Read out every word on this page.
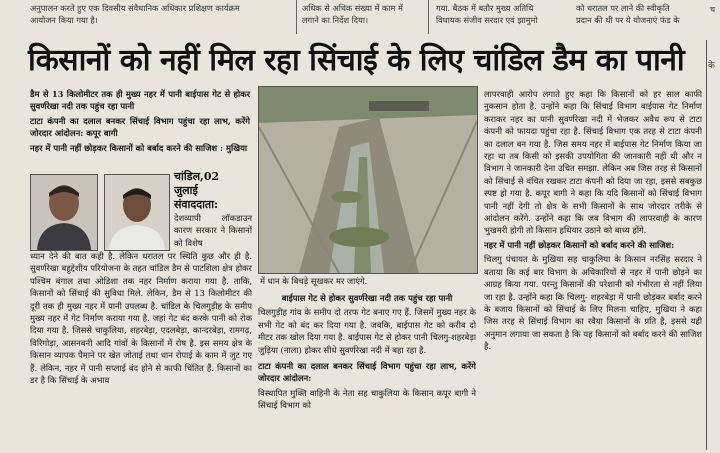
अनुपालन करते हुए एक दिवसीय संवैधानिक अधिकार प्रशिक्षण कार्यक्रम
आयोजन किया गया है।
अधिक से अधिक संख्या में काम में
लगाने का निर्देश दिया।
गया. बैठक में बतौर मुख्य अतिथि
विधायक संजीव सरदार एवं झामुमो
को धरातल पर लाने की स्वीकृति
प्रदान की थी पर ये योजनाएं फंड के
च
किसानों को नहीं मिल रहा सिंचाई के लिए चांडिल डैम का पानी	के

डैम से 13 किलोमीटर तक ही मुख्य नहर में पानी बाईपास गेट से होकर सुवर्णरेखा नदी तक पहुंच रहा पानी

टाटा कंपनी का दलाल बनकर सिंचाई विभाग पहुंचा रहा लाभ, करेंगे जोरदार आंदोलन: कपूर बागी

नहर में पानी नहीं छोड़कर किसानों को बर्बाद करने की साजिश : मुखिया

चांडिल,02
जुलाई
संवाददाता:
देशव्यापी लॉकडाउन कारण सरकार ने किसानों को विशेष
ध्यान देने की बात कही है. लेकिन धरातल पर स्थिति कुछ और ही है. सुवर्णरेखा बहुद्देशीय परियोजना के तहत चांडिल डैम से पाटशिला क्षेत्र होकर पश्चिम बंगाल तथा ओडिशा तक नहर निर्माण कराया गया है. ताकि, किसानों को सिंचाई की सुविधा मिले. लेकिन, डैम से 13 किलोमीटर की दूरी तक ही मुख्य नहर में पानी उपलब्ध है. चांडिल के चिलगुड़ीह के समीप मुख्य नहर में गेट निर्माण कराया गया है. जहां गेट बंद करके पानी को रोक दिया गया है. जिससे चाकुलिया, शहरबेड़ा, एदलबेड़ा, कान्दरबेड़ा, रामगढ़, विरिगोड़ा, आसनबनी आदि गांवों के किसानों में रोष है. इस समय क्षेत्र के किसान व्यापक पैमाने पर खेत जोताई तथा धान रोपाई के काम में जुट गए हैं. लेकिन, नहर में पानी सप्लाई बंद होने से काफी चिंतित हैं. किसानों का डर है कि सिंचाई के अभाव
में धान के बिचड़े सूखकर मर जाएंगे.

बाईपास गेट से होकर सुवर्णरेखा नदी तक पहुंच रहा पानी

चिलगुड़ीह गांव के समीप दो तरफ गेट बनाए गए हैं. जिसमें मुख्य नहर के सभी गेट को बंद कर दिया गया है. जबकि, बाईपास गेट को करीब दो मीटर तक खोल दिया गया है. बाईपास गेट से होकर पानी चिलगु-शहरबेड़ा जुड़िया (नाला) होकर सीधे सुवर्णरेखा नदी में बहा रहा है.

टाटा कंपनी का दलाल बनकर सिंचाई विभाग पहुंचा रहा लाभ, करेंगे जोरदार आंदोलन:

विस्थापित मुक्ति वाहिनी के नेता सह चाकुलिया के किसान कपूर बागी ने सिंचाई विभाग को

लापरवाही आरोप लगाते हुए कहा कि किसानों को हर साल काफी नुकसान होता है. उन्होंने कहा कि सिंचाई विभाग बाईपास गेट निर्माण कराकर नहर का पानी सुवर्णरेखा नदी में भेजकर अवैध रूप से टाटा कंपनी को फायदा पहुंचा रहा है. सिंचाई विभाग एक तरह से टाटा कंपनी का दलाल बन गया है. जिस समय नहर में बाईपास गेट निर्माण किया जा रहा था तब किसी को इसकी उपयोगिता की जानकारी नहीं थी और न विभाग ने जानकारी देना उचित समझा. लेकिन अब जिस तरह से किसानों को सिंचाई से वंचित रखकर टाटा कंपनी को दिया जा रहा, इससे सबकुछ स्पष्ट हो गया है. कपूर बागी ने कहा कि यदि किसानों को सिंचाई विभाग पानी नहीं देगी तो क्षेत्र के सभी किसानों के साथ जोरदार तरीके से आंदोलन करेंगे. उन्होंने कहा कि जब विभाग की लापरवाही के कारण भुखमरी होगी तो किसान हथियार उठाने को बाध्य होंगे.

नहर में पानी नहीं छोड़कर किसानों को बर्बाद करने की साजिश:

चिलगु पंचायत के मुखिया सह चाकुलिया के किसान नरसिंह सरदार ने बताया कि कई बार विभाग के अधिकारियों से नहर में पानी छोड़ने का आग्रह किया गया. परन्तु किसानों की परेशानी को गंभीरता से नहीं लिया जा रहा है. उन्होंने कहा कि चिलगु- शहरबेड़ा में पानी छोड़कर बर्बाद करने के बजाय किसानों को सिंचाई के लिए मिलना चाहिए, मुखिया ने कहा जिस तरह से सिंचाई विभाग का रवैया किसानों के प्रति है, इससे यही अनुमान लगाया जा सकता है कि यह किसानों को बर्बाद करने की साजिश है.
